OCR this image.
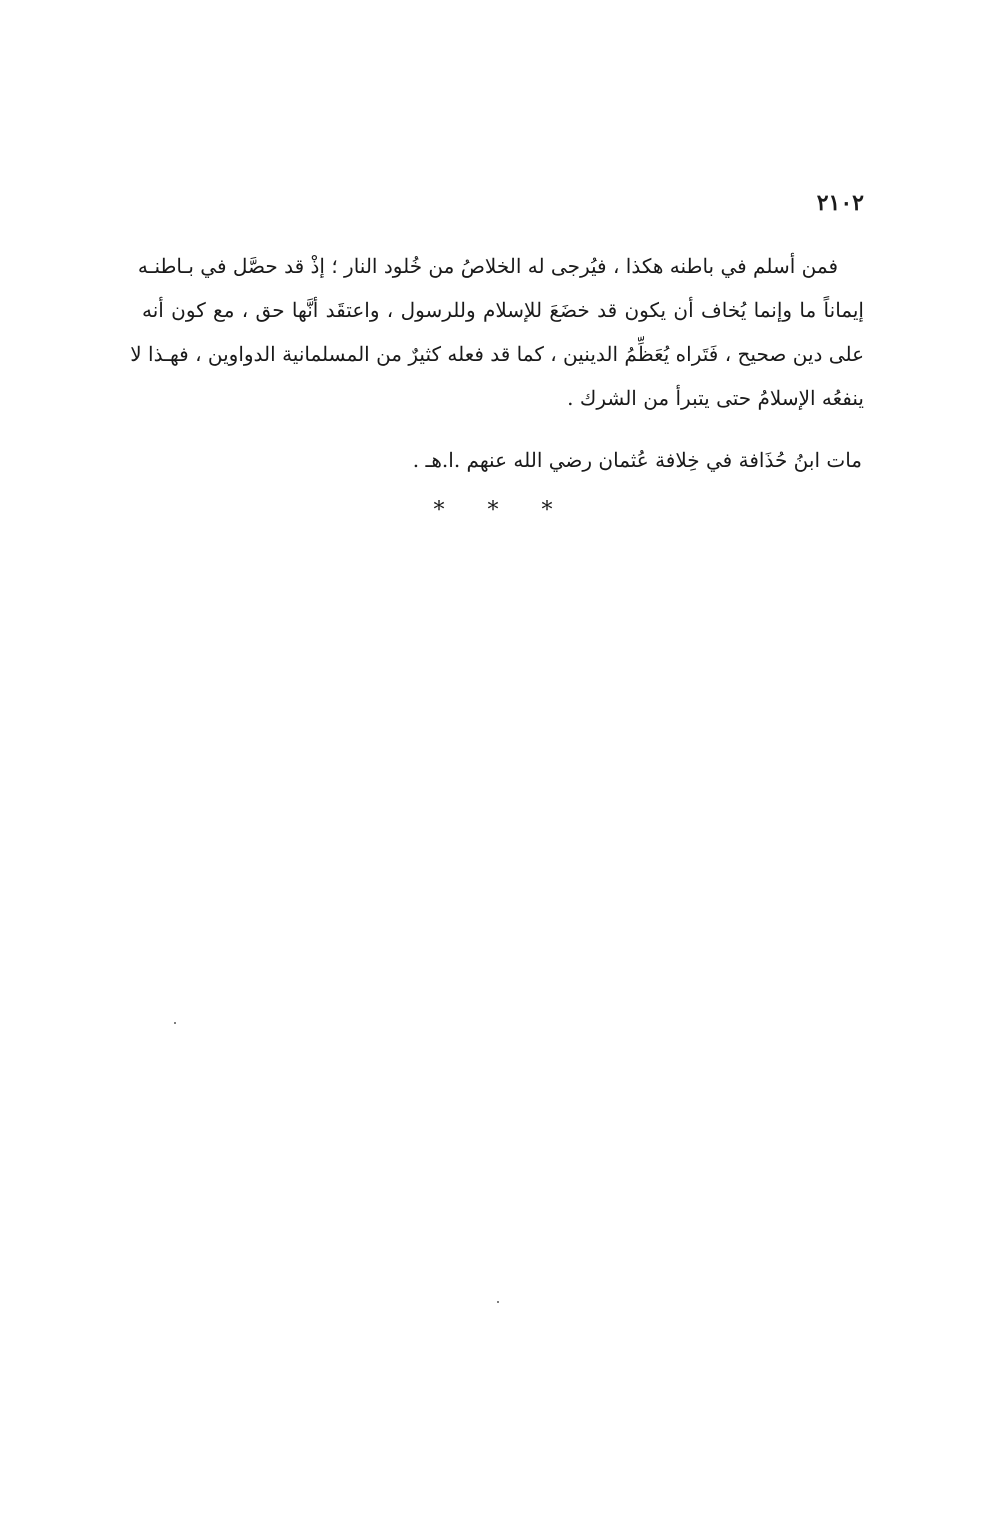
٢١٠٢
فمن أسلم في باطنه هكذا ، فيُرجى له الخلاصُ من خُلود النار ؛ إذْ قد حصَّل في بـاطنـه
إيماناً ما وإنما يُخاف أن يكون قد خضَعَ للإسلام وللرسول ، واعتقَد أنَّها حق ، مع كون أنه
على دين صحيح ، فَتَراه يُعَظِّمُ الدينين ، كما قد فعله كثيرٌ من المسلمانية الدواوين ، فهـذا لا
ينفعُه الإسلامُ حتى يتبرأ من الشرك .
مات ابنُ حُذَافة في خِلافة عُثمان رضي الله عنهم .ا.هـ .
* * *
